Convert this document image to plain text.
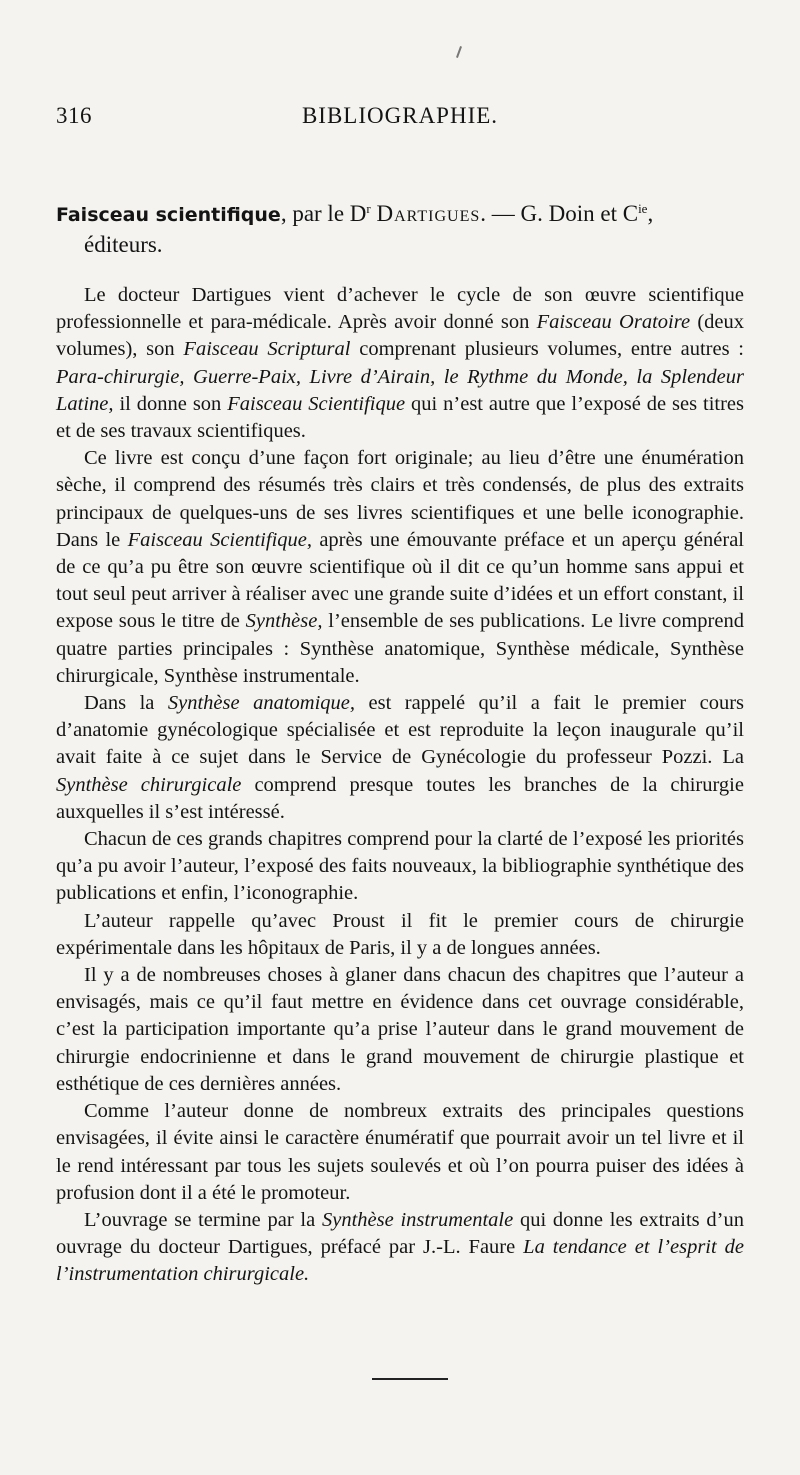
316	BIBLIOGRAPHIE.
Faisceau scientifique, par le $D^r$ Dartigues. — G. Doin et $C^{ie}$,
éditeurs.

Le docteur Dartigues vient d’achever le cycle de son œuvre scientifique professionnelle et para-médicale. Après avoir donné son Faisceau Oratoire (deux volumes), son Faisceau Scriptural comprenant plusieurs volumes, entre autres : Para-chirurgie, Guerre-Paix, Livre d’Airain, le Rythme du Monde, la Splendeur Latine, il donne son Faisceau Scientifique qui n’est autre que l’exposé de ses titres et de ses travaux scientifiques.

Ce livre est conçu d’une façon fort originale; au lieu d’être une énumération sèche, il comprend des résumés très clairs et très condensés, de plus des extraits principaux de quelques-uns de ses livres scientifiques et une belle iconographie. Dans le Faisceau Scientifique, après une émouvante préface et un aperçu général de ce qu’a pu être son œuvre scientifique où il dit ce qu’un homme sans appui et tout seul peut arriver à réaliser avec une grande suite d’idées et un effort constant, il expose sous le titre de Synthèse, l’ensemble de ses publications. Le livre comprend quatre parties principales : Synthèse anatomique, Synthèse médicale, Synthèse chirurgicale, Synthèse instrumentale.

Dans la Synthèse anatomique, est rappelé qu’il a fait le premier cours d’anatomie gynécologique spécialisée et est reproduite la leçon inaugurale qu’il avait faite à ce sujet dans le Service de Gynécologie du professeur Pozzi. La Synthèse chirurgicale comprend presque toutes les branches de la chirurgie auxquelles il s’est intéressé.

Chacun de ces grands chapitres comprend pour la clarté de l’exposé les priorités qu’a pu avoir l’auteur, l’exposé des faits nouveaux, la bibliographie synthétique des publications et enfin, l’iconographie.

L’auteur rappelle qu’avec Proust il fit le premier cours de chirurgie expérimentale dans les hôpitaux de Paris, il y a de longues années.

Il y a de nombreuses choses à glaner dans chacun des chapitres que l’auteur a envisagés, mais ce qu’il faut mettre en évidence dans cet ouvrage considérable, c’est la participation importante qu’a prise l’auteur dans le grand mouvement de chirurgie endocrinienne et dans le grand mouvement de chirurgie plastique et esthétique de ces dernières années.

Comme l’auteur donne de nombreux extraits des principales questions envisagées, il évite ainsi le caractère énumératif que pourrait avoir un tel livre et il le rend intéressant par tous les sujets soulevés et où l’on pourra puiser des idées à profusion dont il a été le promoteur.

L’ouvrage se termine par la Synthèse instrumentale qui donne les extraits d’un ouvrage du docteur Dartigues, préfacé par J.-L. Faure La tendance et l’esprit de l’instrumentation chirurgicale.
